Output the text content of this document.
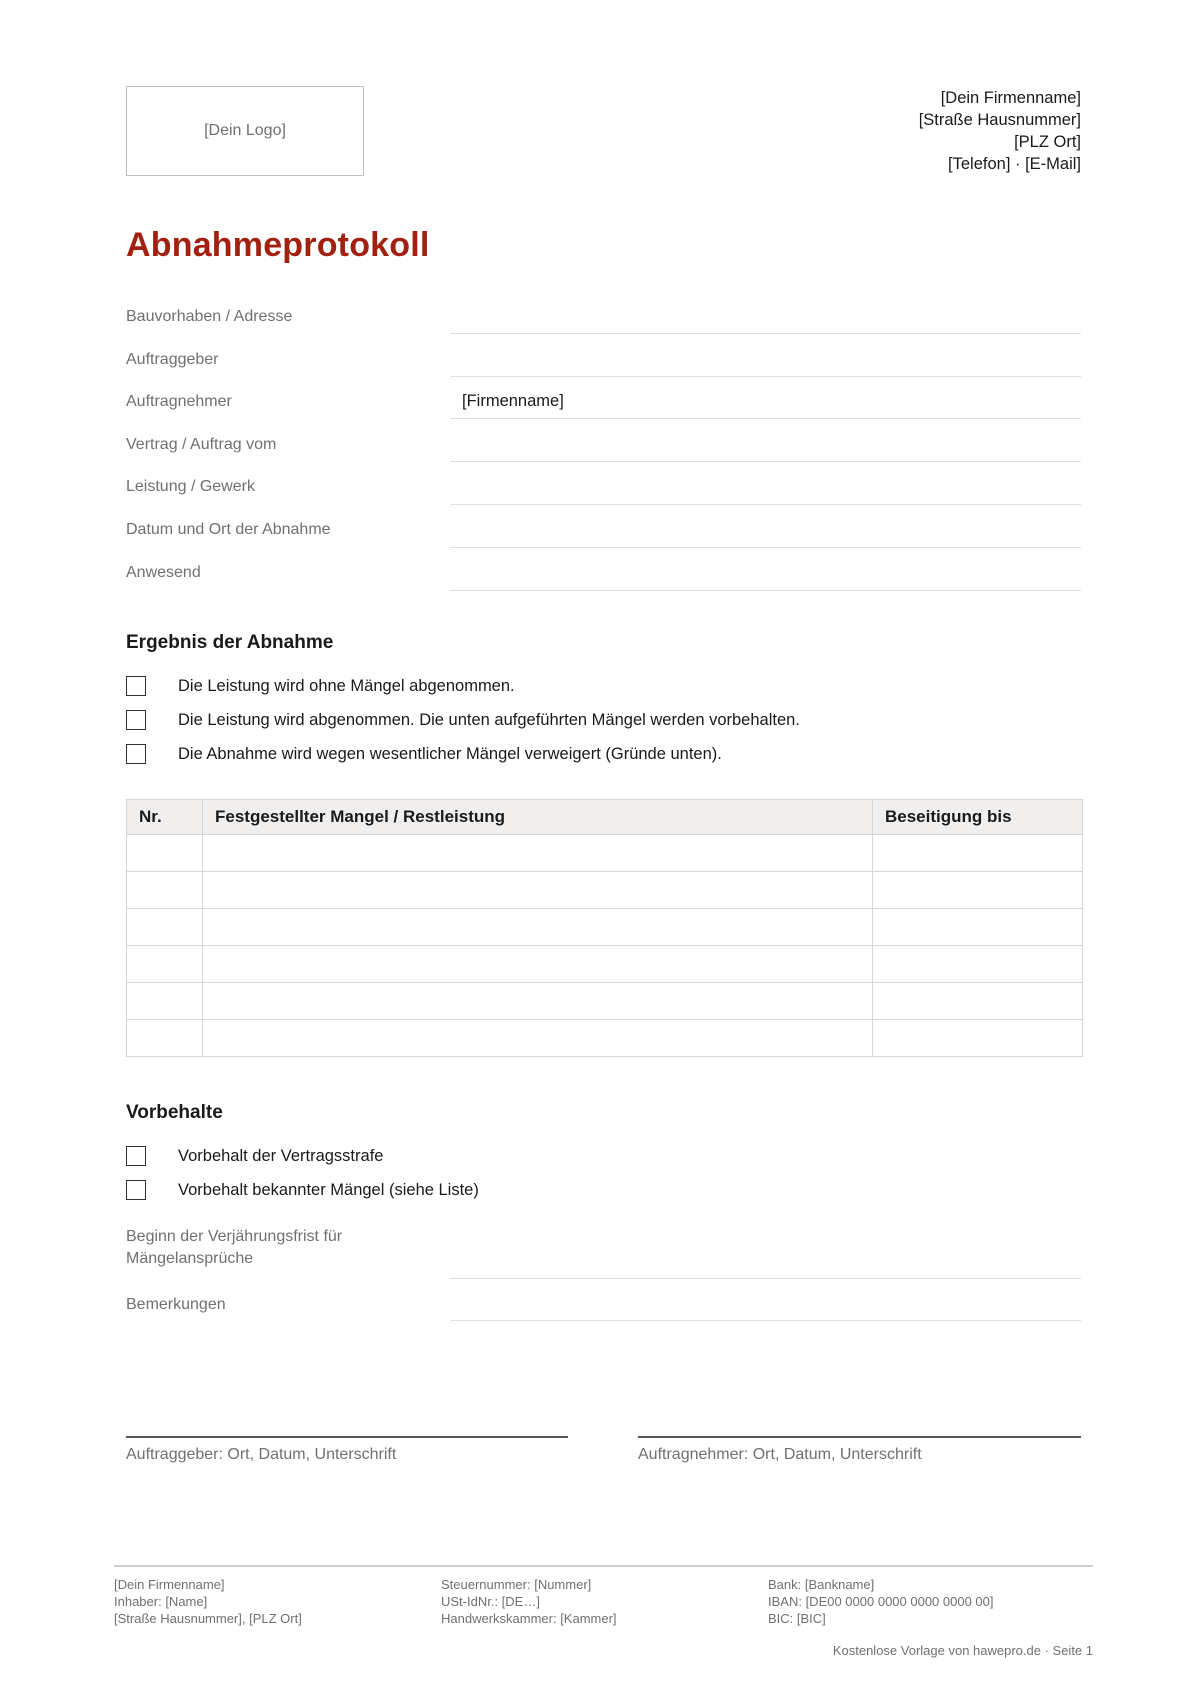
[Dein Logo]
[Dein Firmenname]
[Straße Hausnummer]
[PLZ Ort]
[Telefon] · [E-Mail]
Abnahmeprotokoll
Bauvorhaben / Adresse
Auftraggeber
Auftragnehmer	[Firmenname]
Vertrag / Auftrag vom
Leistung / Gewerk
Datum und Ort der Abnahme
Anwesend
Ergebnis der Abnahme
Die Leistung wird ohne Mängel abgenommen.
Die Leistung wird abgenommen. Die unten aufgeführten Mängel werden vorbehalten.
Die Abnahme wird wegen wesentlicher Mängel verweigert (Gründe unten).
Nr.	Festgestellter Mangel / Restleistung	Beseitigung bis

Vorbehalte
Vorbehalt der Vertragsstrafe
Vorbehalt bekannter Mängel (siehe Liste)
Beginn der Verjährungsfrist für
Mängelansprüche
Bemerkungen
Auftraggeber: Ort, Datum, Unterschrift	Auftragnehmer: Ort, Datum, Unterschrift
[Dein Firmenname]
Inhaber: [Name]
[Straße Hausnummer], [PLZ Ort]
Steuernummer: [Nummer]
USt-IdNr.: [DE…]
Handwerkskammer: [Kammer]
Bank: [Bankname]
IBAN: [DE00 0000 0000 0000 0000 00]
BIC: [BIC]
Kostenlose Vorlage von hawepro.de · Seite 1
